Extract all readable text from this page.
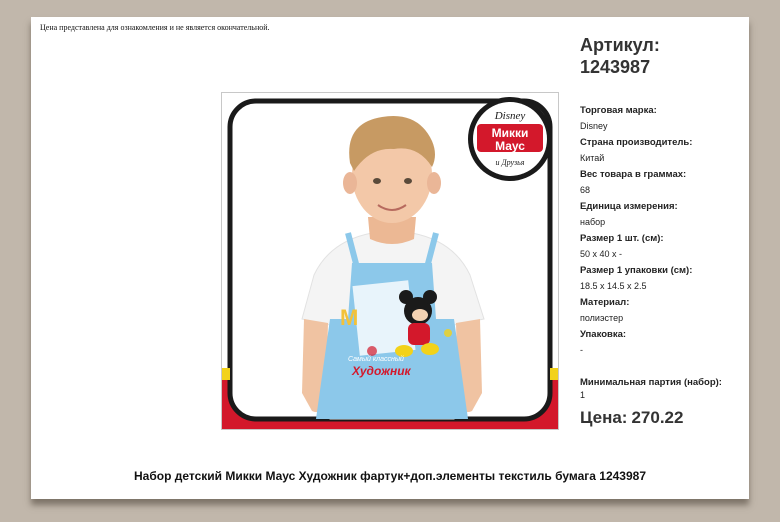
Цена представлена для ознакомления и не является окончательной.
M
Самый классный
Художник
Disney
Микки
Маус
и Друзья
Артикул:
1243987
Торговая марка:
Disney
Страна производитель:
Китай
Вес товара в граммах:
68
Единица измерения:
набор
Размер 1 шт. (см):
50 x 40 x -
Размер 1 упаковки (см):
18.5 x 14.5 x 2.5
Материал:
полиэстер
Упаковка:
-
Минимальная партия (набор):
1
Цена: 270.22
Набор детский Микки Маус Художник фартук+доп.элементы текстиль бумага 1243987
